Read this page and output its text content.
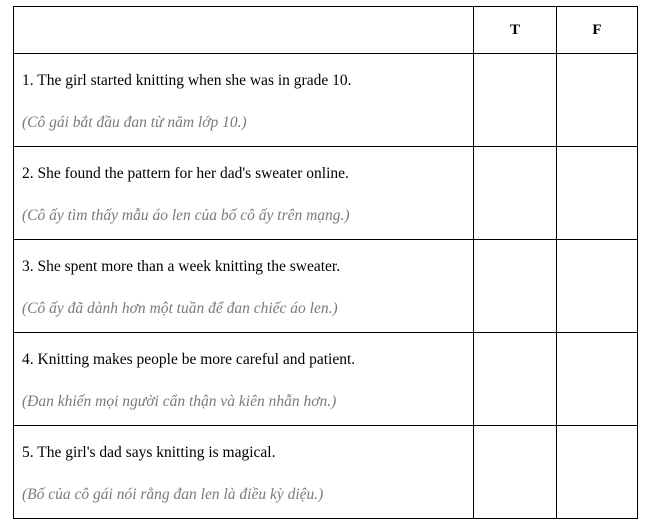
	T	F

1. The girl started knitting when she was in grade 10.
(Cô gái bắt đầu đan từ năm lớp 10.)		

2. She found the pattern for her dad's sweater online.
(Cô ấy tìm thấy mẫu áo len của bố cô ấy trên mạng.)		

3. She spent more than a week knitting the sweater.
(Cô ấy đã dành hơn một tuần để đan chiếc áo len.)		

4. Knitting makes people be more careful and patient.
(Đan khiến mọi người cẩn thận và kiên nhẫn hơn.)		

5. The girl's dad says knitting is magical.
(Bố của cô gái nói rằng đan len là điều kỳ diệu.)		
